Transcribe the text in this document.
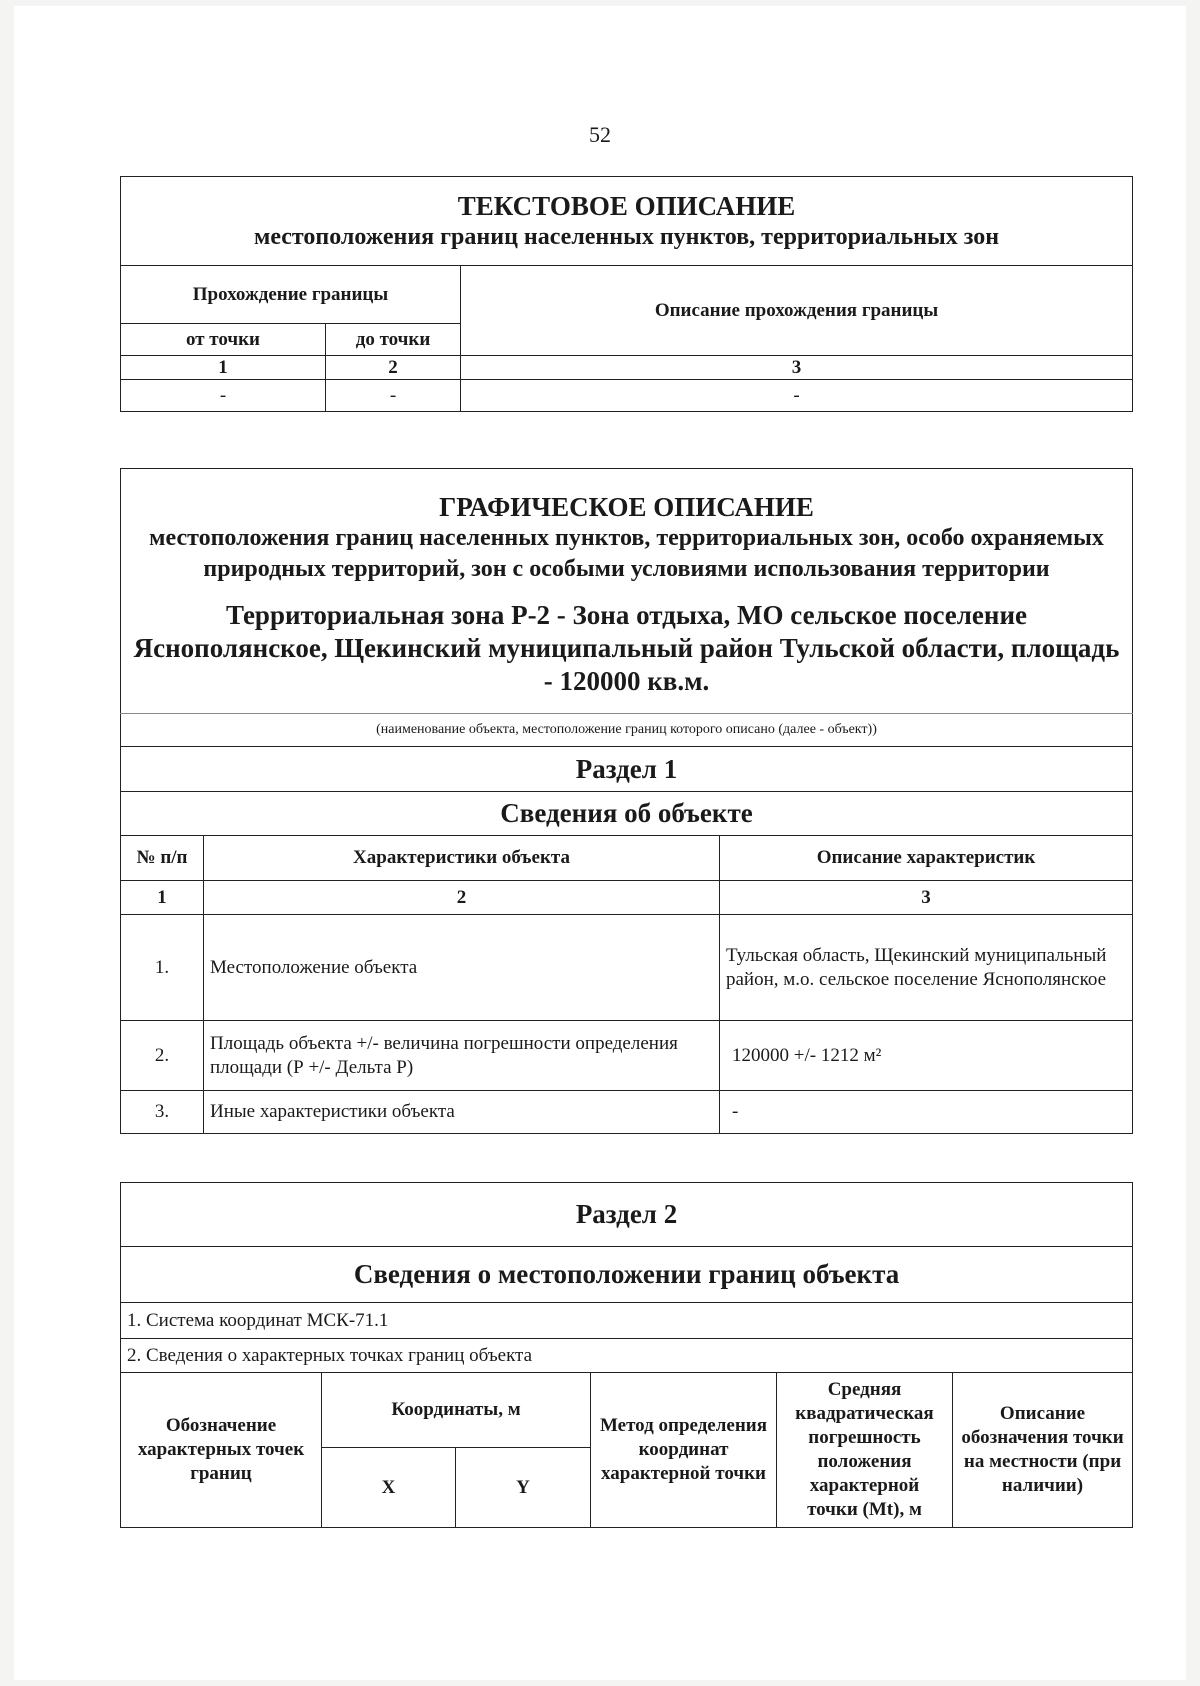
52
ТЕКСТОВОЕ ОПИСАНИЕ
местоположения границ населенных пунктов, территориальных зон		

Прохождение границы		Описание прохождения границы
от точки	до точки	
1	2	3
-	-	-
ГРАФИЧЕСКОЕ ОПИСАНИЕ
местоположения границ населенных пунктов, территориальных зон, особо охраняемых природных территорий, зон с особыми условиями использования территории
Территориальная зона Р-2 - Зона отдыха, МО сельское поселение Яснополянское, Щекинский муниципальный район Тульской области, площадь - 120000 кв.м.		

(наименование объекта, местоположение границ которого описано (далее - объект))		
Раздел 1		
Сведения об объекте		
№ п/п	Характеристики объекта	Описание характеристик
1	2	3
1.	Местоположение объекта	Тульская область, Щекинский муниципальный район, м.о. сельское поселение Яснополянское
2.	Площадь объекта +/- величина погрешности определения площади (Р +/- Дельта Р)	120000 +/- 1212 м²
3.	Иные характеристики объекта	-
Раздел 2					
Сведения о местоположении границ объекта					
1. Система координат МСК-71.1					
2. Сведения о характерных точках границ объекта					
Обозначение характерных точек границ	Координаты, м		Метод определения координат характерной точки	Средняя квадратическая погрешность положения характерной точки (Mt), м	Описание обозначения точки на местности (при наличии)
	X	Y			
